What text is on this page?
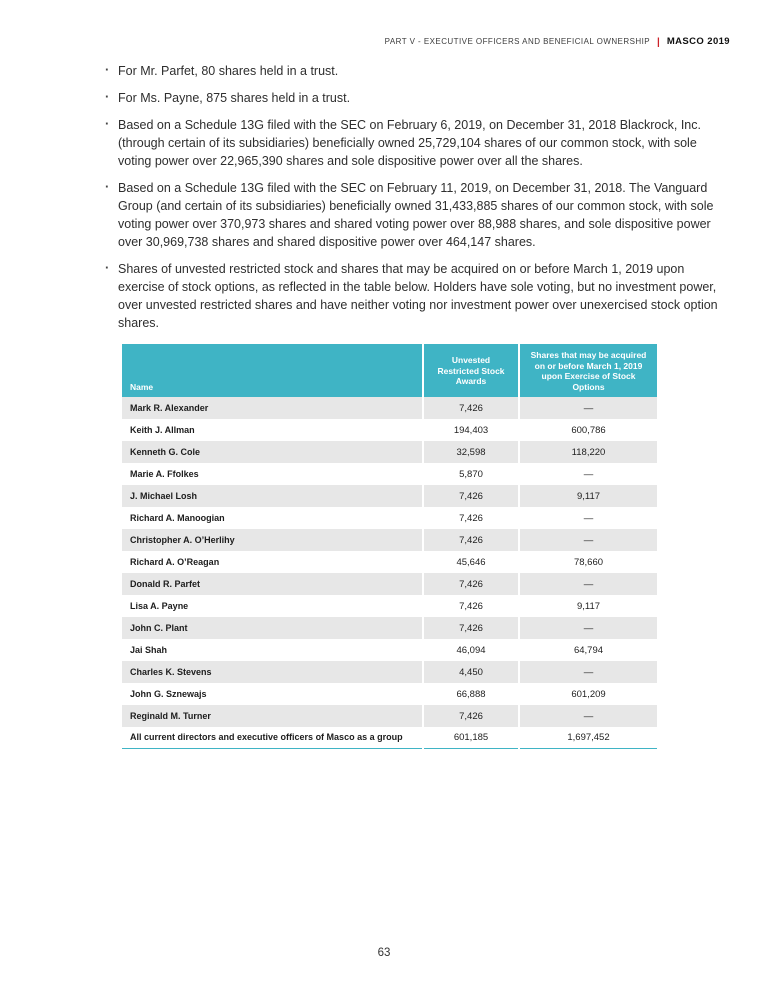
PART V - EXECUTIVE OFFICERS AND BENEFICIAL OWNERSHIP | MASCO 2019
· For Mr. Parfet, 80 shares held in a trust.
· For Ms. Payne, 875 shares held in a trust.
· Based on a Schedule 13G filed with the SEC on February 6, 2019, on December 31, 2018 Blackrock, Inc. (through certain of its subsidiaries) beneficially owned 25,729,104 shares of our common stock, with sole voting power over 22,965,390 shares and sole dispositive power over all the shares.
· Based on a Schedule 13G filed with the SEC on February 11, 2019, on December 31, 2018. The Vanguard Group (and certain of its subsidiaries) beneficially owned 31,433,885 shares of our common stock, with sole voting power over 370,973 shares and shared voting power over 88,988 shares, and sole dispositive power over 30,969,738 shares and shared dispositive power over 464,147 shares.
· Shares of unvested restricted stock and shares that may be acquired on or before March 1, 2019 upon exercise of stock options, as reflected in the table below. Holders have sole voting, but no investment power, over unvested restricted shares and have neither voting nor investment power over unexercised stock option shares.
Name	Unvested Restricted Stock Awards	Shares that may be acquired on or before March 1, 2019 upon Exercise of Stock Options
Mark R. Alexander	7,426	—
Keith J. Allman	194,403	600,786
Kenneth G. Cole	32,598	118,220
Marie A. Ffolkes	5,870	—
J. Michael Losh	7,426	9,117
Richard A. Manoogian	7,426	—
Christopher A. O’Herlihy	7,426	—
Richard A. O’Reagan	45,646	78,660
Donald R. Parfet	7,426	—
Lisa A. Payne	7,426	9,117
John C. Plant	7,426	—
Jai Shah	46,094	64,794
Charles K. Stevens	4,450	—
John G. Sznewajs	66,888	601,209
Reginald M. Turner	7,426	—
All current directors and executive officers of Masco as a group	601,185	1,697,452
63
